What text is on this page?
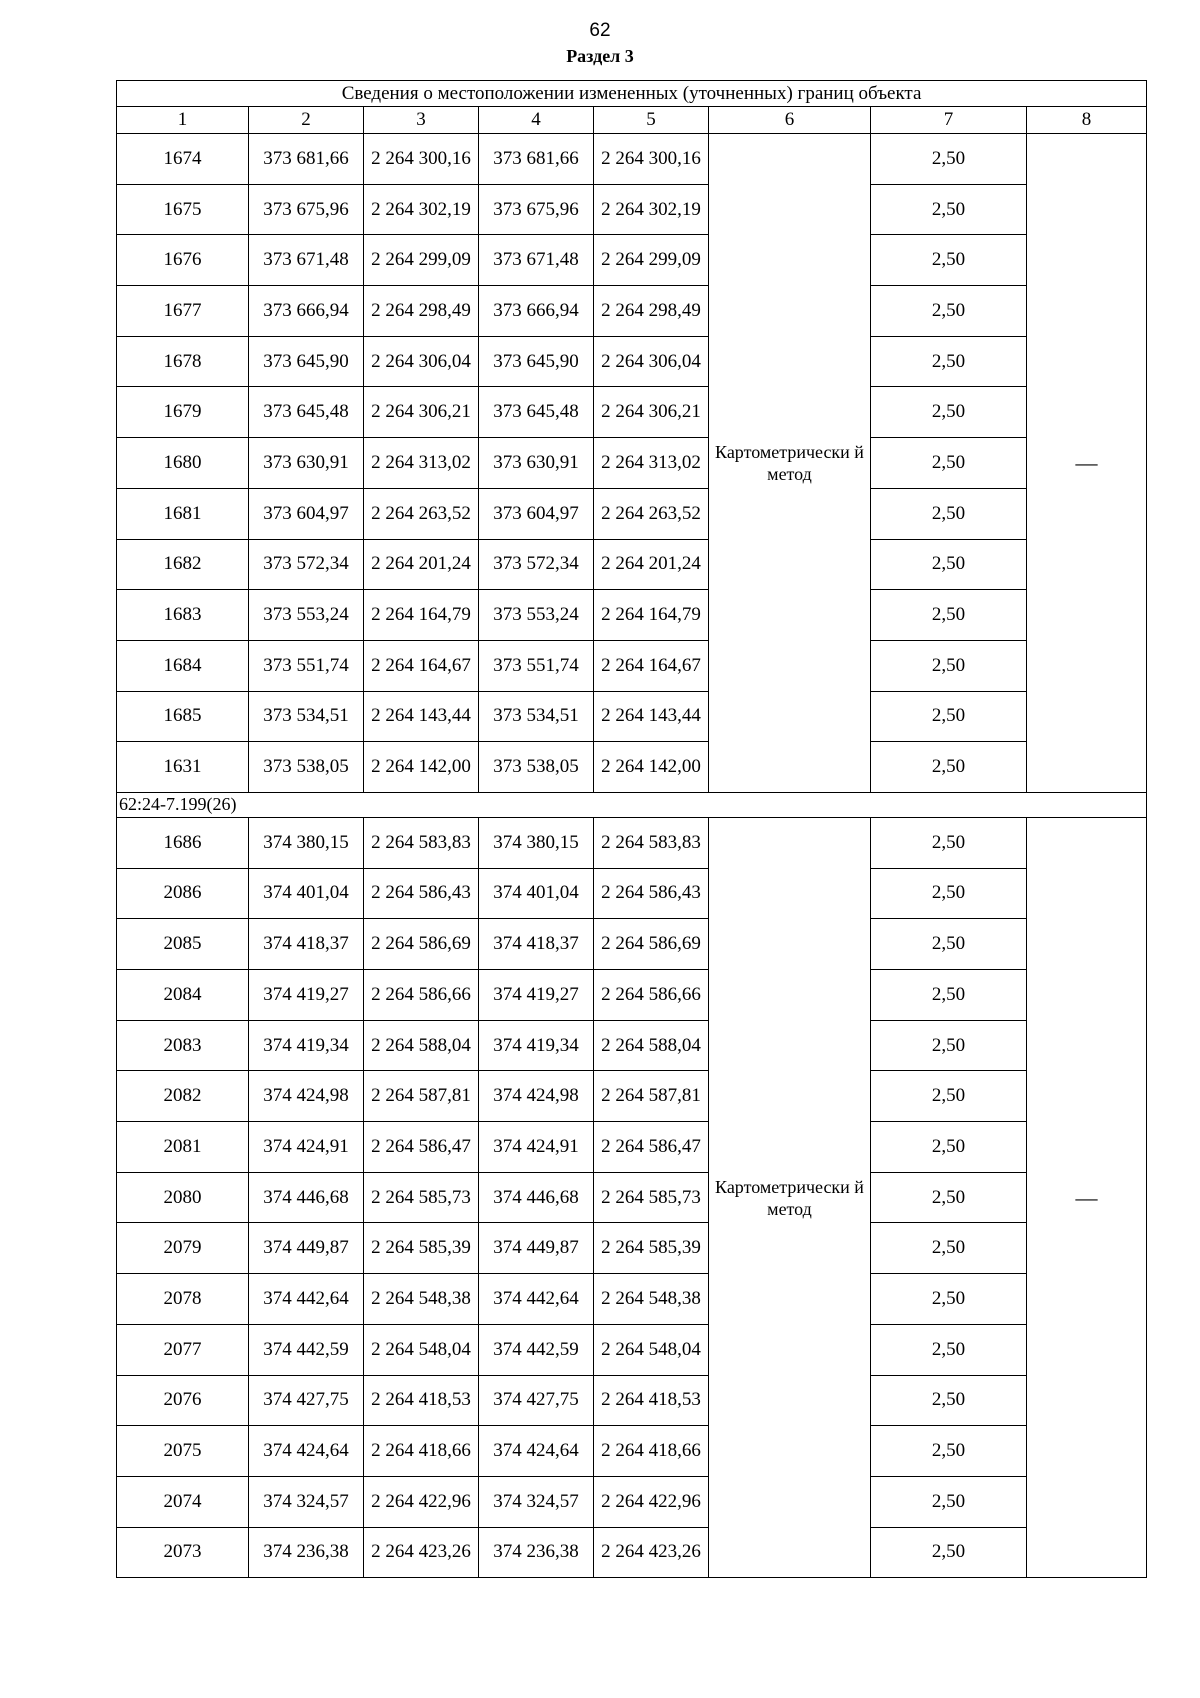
62
Раздел 3
Сведения о местоположении измененных (уточненных) границ объекта							
1	2	3	4	5	6	7	8
1674	373 681,66	2 264 300,16	373 681,66	2 264 300,16	Картометрически й метод	2,50	—
1675	373 675,96	2 264 302,19	373 675,96	2 264 302,19		2,50	
1676	373 671,48	2 264 299,09	373 671,48	2 264 299,09		2,50	
1677	373 666,94	2 264 298,49	373 666,94	2 264 298,49		2,50	
1678	373 645,90	2 264 306,04	373 645,90	2 264 306,04		2,50	
1679	373 645,48	2 264 306,21	373 645,48	2 264 306,21		2,50	
1680	373 630,91	2 264 313,02	373 630,91	2 264 313,02		2,50	
1681	373 604,97	2 264 263,52	373 604,97	2 264 263,52		2,50	
1682	373 572,34	2 264 201,24	373 572,34	2 264 201,24		2,50	
1683	373 553,24	2 264 164,79	373 553,24	2 264 164,79		2,50	
1684	373 551,74	2 264 164,67	373 551,74	2 264 164,67		2,50	
1685	373 534,51	2 264 143,44	373 534,51	2 264 143,44		2,50	
1631	373 538,05	2 264 142,00	373 538,05	2 264 142,00		2,50	
62:24-7.199(26)							
1686	374 380,15	2 264 583,83	374 380,15	2 264 583,83	Картометрически й метод	2,50	—
2086	374 401,04	2 264 586,43	374 401,04	2 264 586,43		2,50	
2085	374 418,37	2 264 586,69	374 418,37	2 264 586,69		2,50	
2084	374 419,27	2 264 586,66	374 419,27	2 264 586,66		2,50	
2083	374 419,34	2 264 588,04	374 419,34	2 264 588,04		2,50	
2082	374 424,98	2 264 587,81	374 424,98	2 264 587,81		2,50	
2081	374 424,91	2 264 586,47	374 424,91	2 264 586,47		2,50	
2080	374 446,68	2 264 585,73	374 446,68	2 264 585,73		2,50	
2079	374 449,87	2 264 585,39	374 449,87	2 264 585,39		2,50	
2078	374 442,64	2 264 548,38	374 442,64	2 264 548,38		2,50	
2077	374 442,59	2 264 548,04	374 442,59	2 264 548,04		2,50	
2076	374 427,75	2 264 418,53	374 427,75	2 264 418,53		2,50	
2075	374 424,64	2 264 418,66	374 424,64	2 264 418,66		2,50	
2074	374 324,57	2 264 422,96	374 324,57	2 264 422,96		2,50	
2073	374 236,38	2 264 423,26	374 236,38	2 264 423,26		2,50	
